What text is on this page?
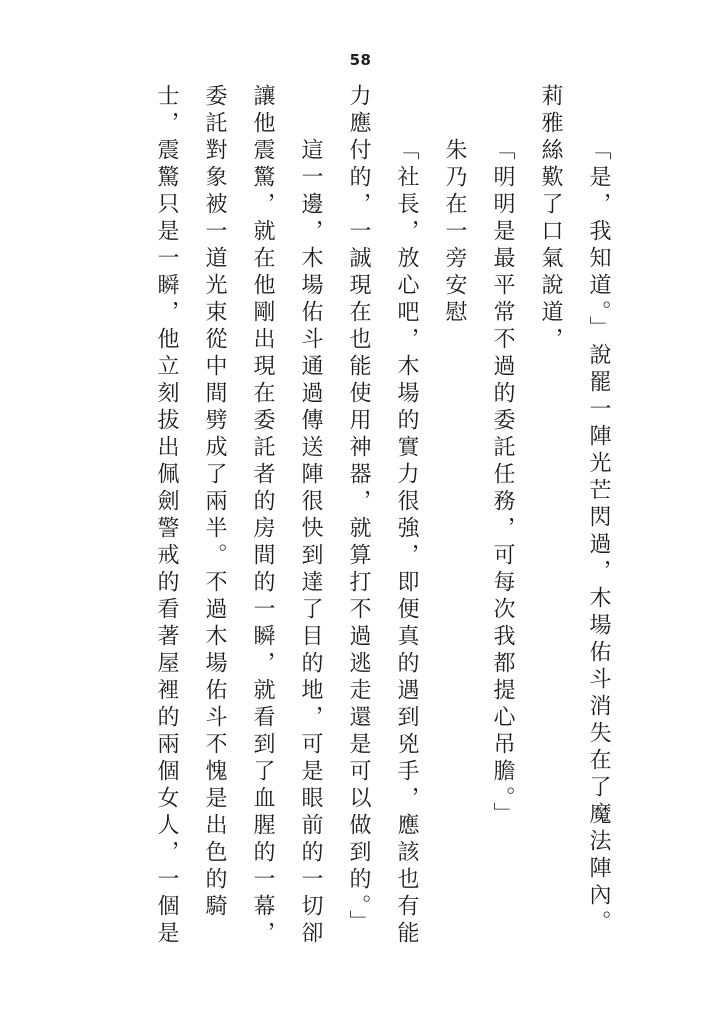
58
「是，我知道。」說罷一陣光芒閃過，木場佑斗消失在了魔法陣內。
莉雅絲歎了口氣說道，
「明明是最平常不過的委託任務，可每次我都提心吊膽。」
朱乃在一旁安慰
「社長，放心吧，木場的實力很強，即便真的遇到兇手，應該也有能
力應付的，一誠現在也能使用神器，就算打不過逃走還是可以做到的。」
這一邊，木場佑斗通過傳送陣很快到達了目的地，可是眼前的一切卻
讓他震驚，就在他剛出現在委託者的房間的一瞬，就看到了血腥的一幕，
委託對象被一道光束從中間劈成了兩半。不過木場佑斗不愧是出色的騎
士，震驚只是一瞬，他立刻拔出佩劍警戒的看著屋裡的兩個女人，一個是
